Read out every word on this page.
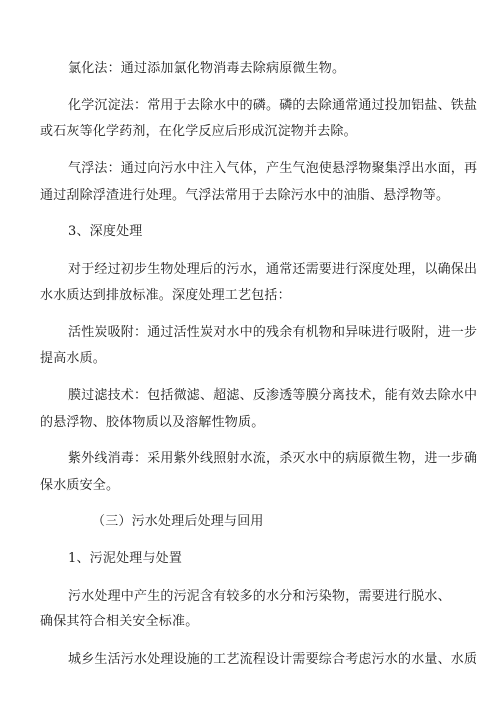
氯化法：通过添加氯化物消毒去除病原微生物。
化学沉淀法：常用于去除水中的磷。磷的去除通常通过投加铝盐、铁盐
或石灰等化学药剂，在化学反应后形成沉淀物并去除。
气浮法：通过向污水中注入气体，产生气泡使悬浮物聚集浮出水面，再
通过刮除浮渣进行处理。气浮法常用于去除污水中的油脂、悬浮物等。
3、深度处理
对于经过初步生物处理后的污水，通常还需要进行深度处理，以确保出
水水质达到排放标准。深度处理工艺包括：
活性炭吸附：通过活性炭对水中的残余有机物和异味进行吸附，进一步
提高水质。
膜过滤技术：包括微滤、超滤、反渗透等膜分离技术，能有效去除水中
的悬浮物、胶体物质以及溶解性物质。
紫外线消毒：采用紫外线照射水流，杀灭水中的病原微生物，进一步确
保水质安全。
（三）污水处理后处理与回用
1、污泥处理与处置
污水处理中产生的污泥含有较多的水分和污染物，需要进行脱水、
确保其符合相关安全标准。
城乡生活污水处理设施的工艺流程设计需要综合考虑污水的水量、水质
